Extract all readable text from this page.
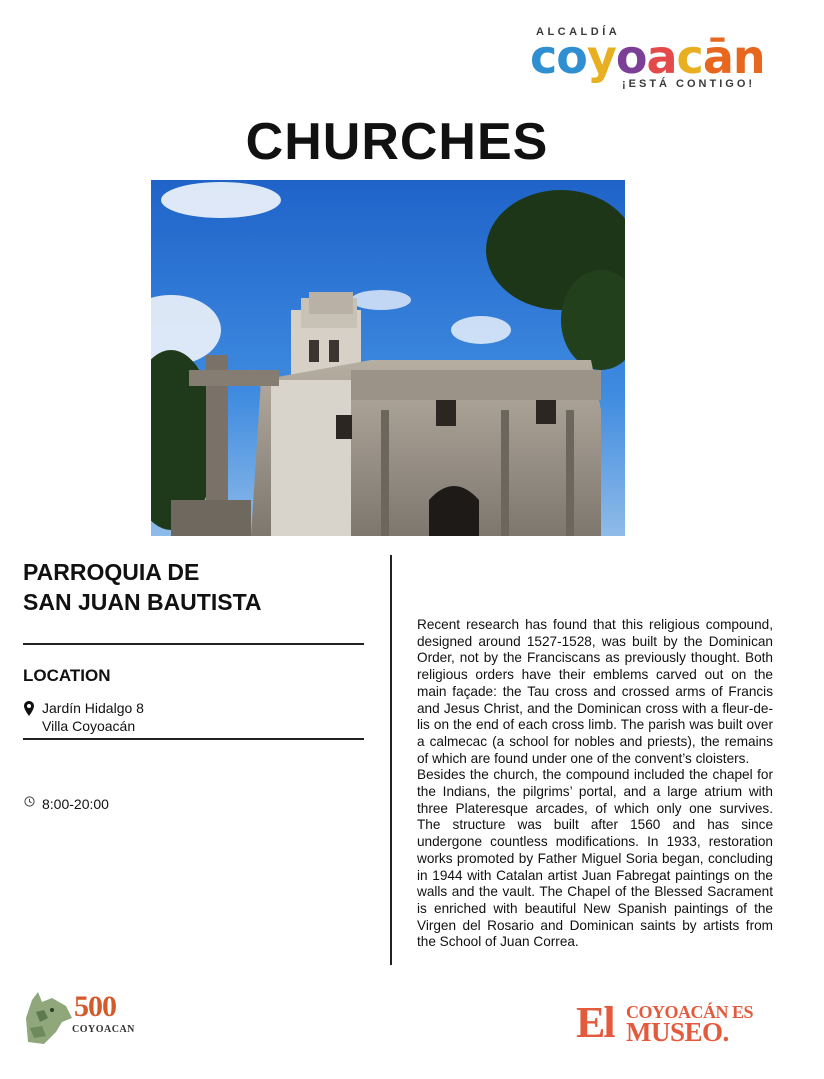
ALCALDÍA
coyoacān
¡ESTÁ CONTIGO!
CHURCHES
PARROQUIA DE
SAN JUAN BAUTISTA
LOCATION
Jardín Hidalgo 8
Villa Coyoacán
8:00-20:00

Recent research has found that this religious compound, designed around 1527-1528, was built by the Dominican Order, not by the Franciscans as previously thought. Both religious orders have their emblems carved out on the main façade: the Tau cross and crossed arms of Francis and Jesus Christ, and the Dominican cross with a fleur-de-lis on the end of each cross limb. The parish was built over a calmecac (a school for nobles and priests), the remains of which are found under one of the convent’s cloisters.

Besides the church, the compound included the chapel for the Indians, the pilgrims’ portal, and a large atrium with three Plateresque arcades, of which only one survives. The structure was built after 1560 and has since undergone countless modifications. In 1933, restoration works promoted by Father Miguel Soria began, concluding in 1944 with Catalan artist Juan Fabregat paintings on the walls and the vault. The Chapel of the Blessed Sacrament is enriched with beautiful New Spanish paintings of the Virgen del Rosario and Dominican saints by artists from the School of Juan Correa.

500
COYOACAN	El COYOACÁN ES
MUSEO.
